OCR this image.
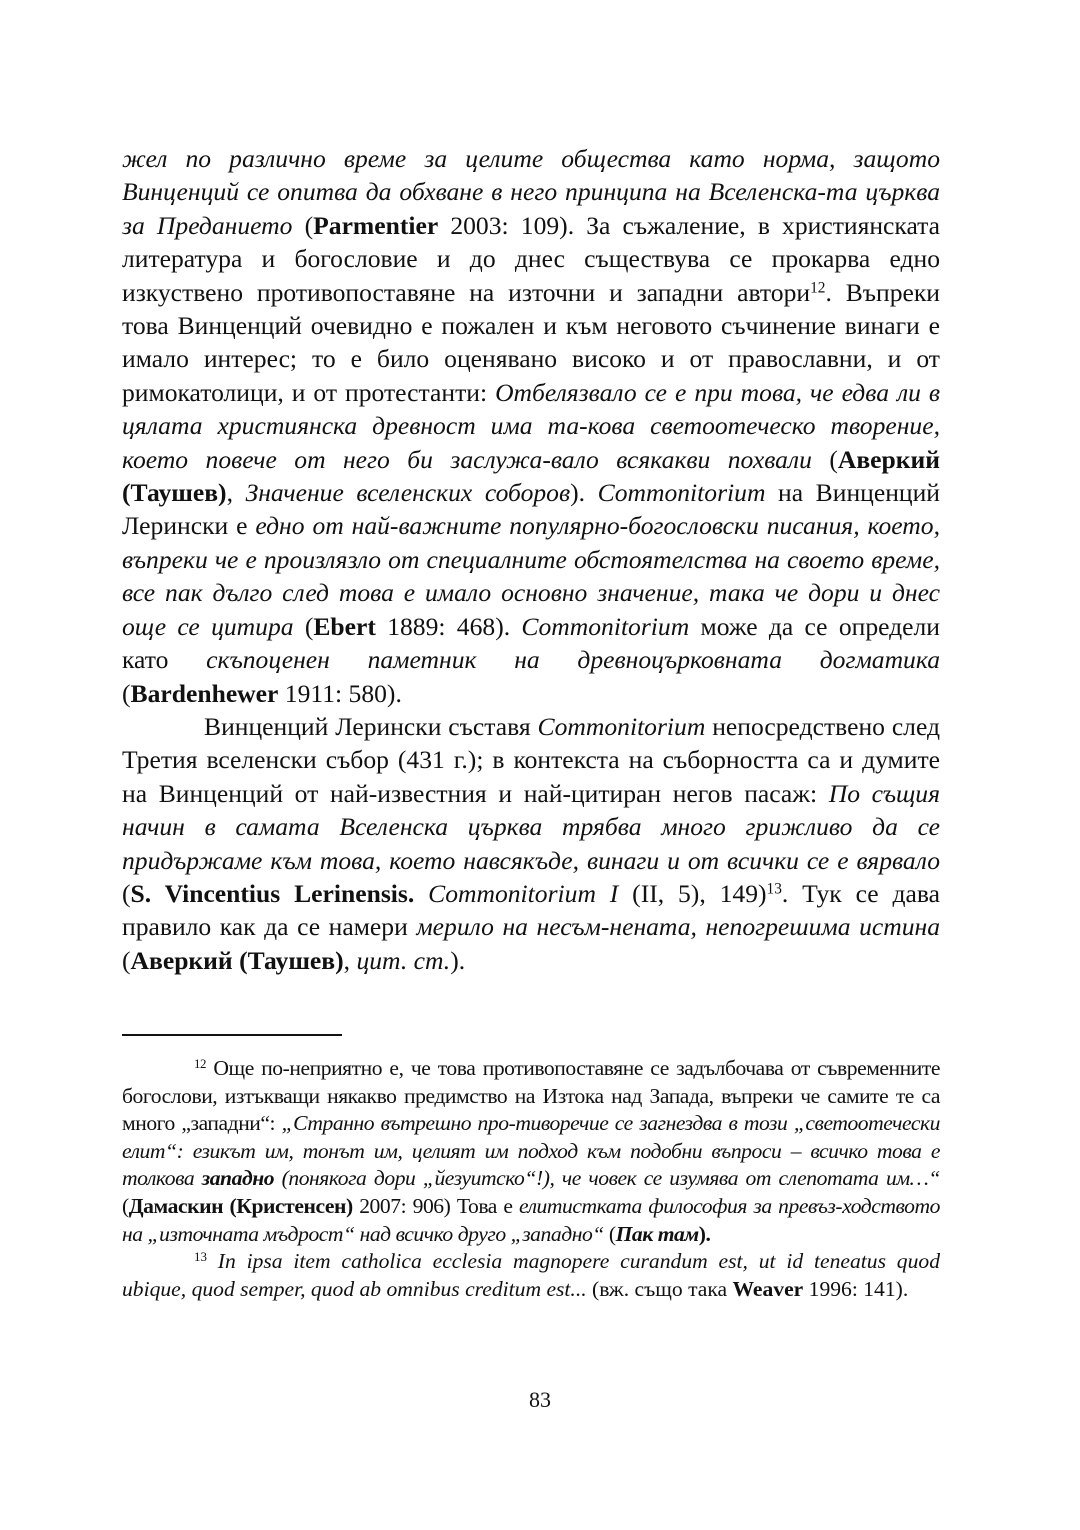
жел по различно време за целите общества като норма, защото Винценций се опитва да обхване в него принципа на Вселенска-та църква за Преданието (Parmentier 2003: 109). За съжаление, в християнската литература и богословие и до днес съществува се прокарва едно изкуствено противопоставяне на източни и западни автори$^{12}$. Въпреки това Винценций очевидно е пожален и към неговото съчинение винаги е имало интерес; то е било оценявано високо и от православни, и от римокатолици, и от протестанти: Отбелязвало се е при това, че едва ли в цялата християнска древност има та-кова светоотеческо творение, което повече от него би заслужа-вало всякакви похвали (Аверкий (Таушев), Значение вселенских соборов). Commonitorium на Винценций Лерински е едно от най-важните популярно-богословски писания, което, въпреки че е произлязло от специалните обстоятелства на своето време, все пак дълго след това е имало основно значение, така че дори и днес още се цитира (Ebert 1889: 468). Commonitorium може да се определи като скъпоценен паметник на древноцърковната догматика (Bardenhewer 1911: 580).

Винценций Лерински съставя Commonitorium непосредствено след Третия вселенски събор (431 г.); в контекста на съборността са и думите на Винценций от най-известния и най-цитиран негов пасаж: По същия начин в самата Вселенска църква трябва много грижливо да се придържаме към това, което навсякъде, винаги и от всички се е вярвало (S. Vincentius Lerinensis. Commonitorium I (II, 5), 149)$^{13}$. Тук се дава правило как да се намери мерило на несъм-нената, непогрешима истина (Аверкий (Таушев), цит. ст.).

$^{12}$ Още по-неприятно е, че това противопоставяне се задълбочава от съвременните богослови, изтъкващи някакво предимство на Изтока над Запада, въпреки че самите те са много „западни“: „Странно вътрешно про-тиворечие се загнездва в този „светоотечески елит“: езикът им, тонът им, целият им подход към подобни въпроси – всичко това е толкова западно (понякога дори „йезуитско“!), че човек се изумява от слепотата им…“ (Дамаскин (Кристенсен) 2007: 906) Това е елитистката философия за превъз-ходството на „източната мъдрост“ над всичко друго „западно“ (Пак там).

$^{13}$ In ipsa item catholica ecclesia magnopere curandum est, ut id teneatus quod ubique, quod semper, quod ab omnibus creditum est... (вж. също така Weaver 1996: 141).

83
